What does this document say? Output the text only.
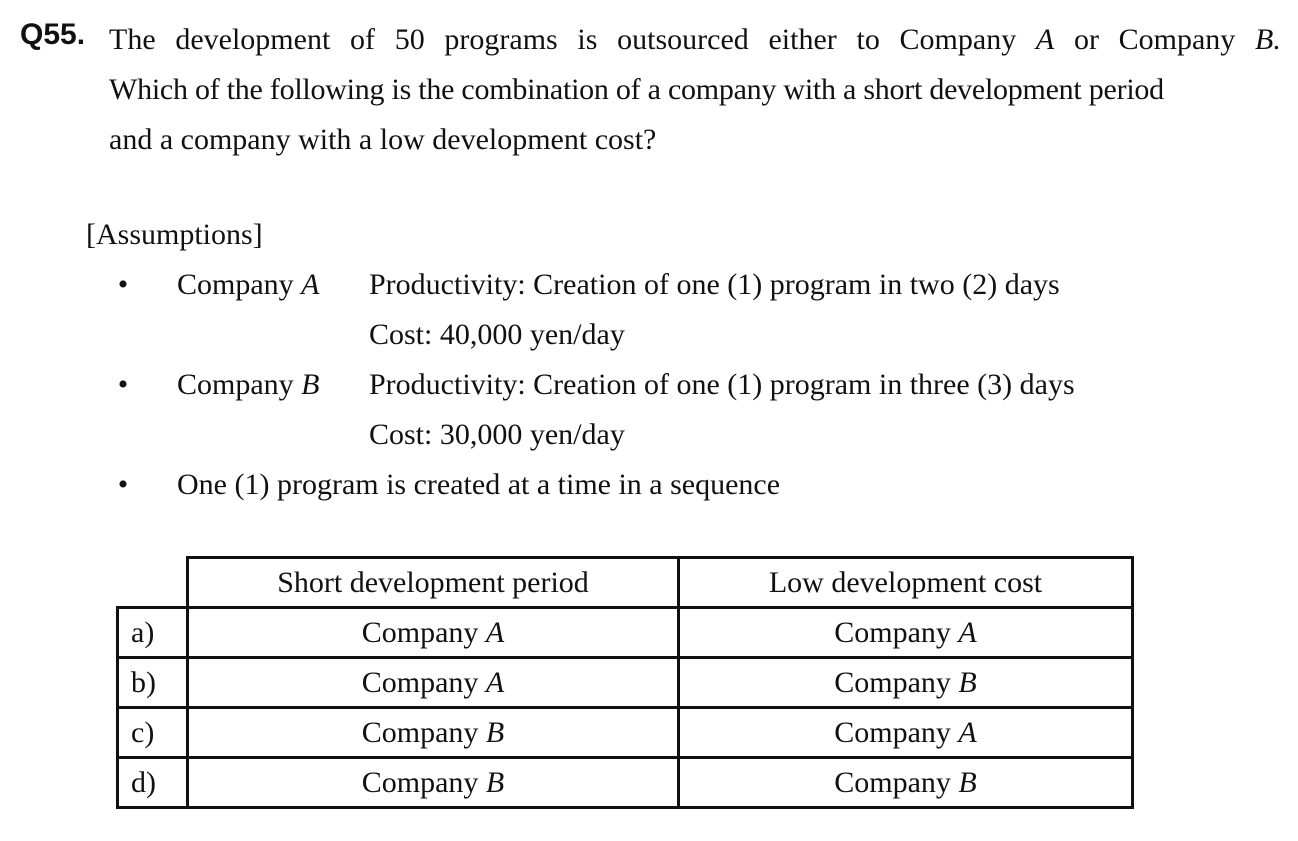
Q55. The development of 50 programs is outsourced either to Company A or Company B.
Which of the following is the combination of a company with a short development period
and a company with a low development cost?
[Assumptions]
• Company A Productivity: Creation of one (1) program in two (2) days
Cost: 40,000 yen/day
• Company B Productivity: Creation of one (1) program in three (3) days
Cost: 30,000 yen/day
• One (1) program is created at a time in a sequence
	Short development period	Low development cost
a)	Company A	Company A
b)	Company A	Company B
c)	Company B	Company A
d)	Company B	Company B
